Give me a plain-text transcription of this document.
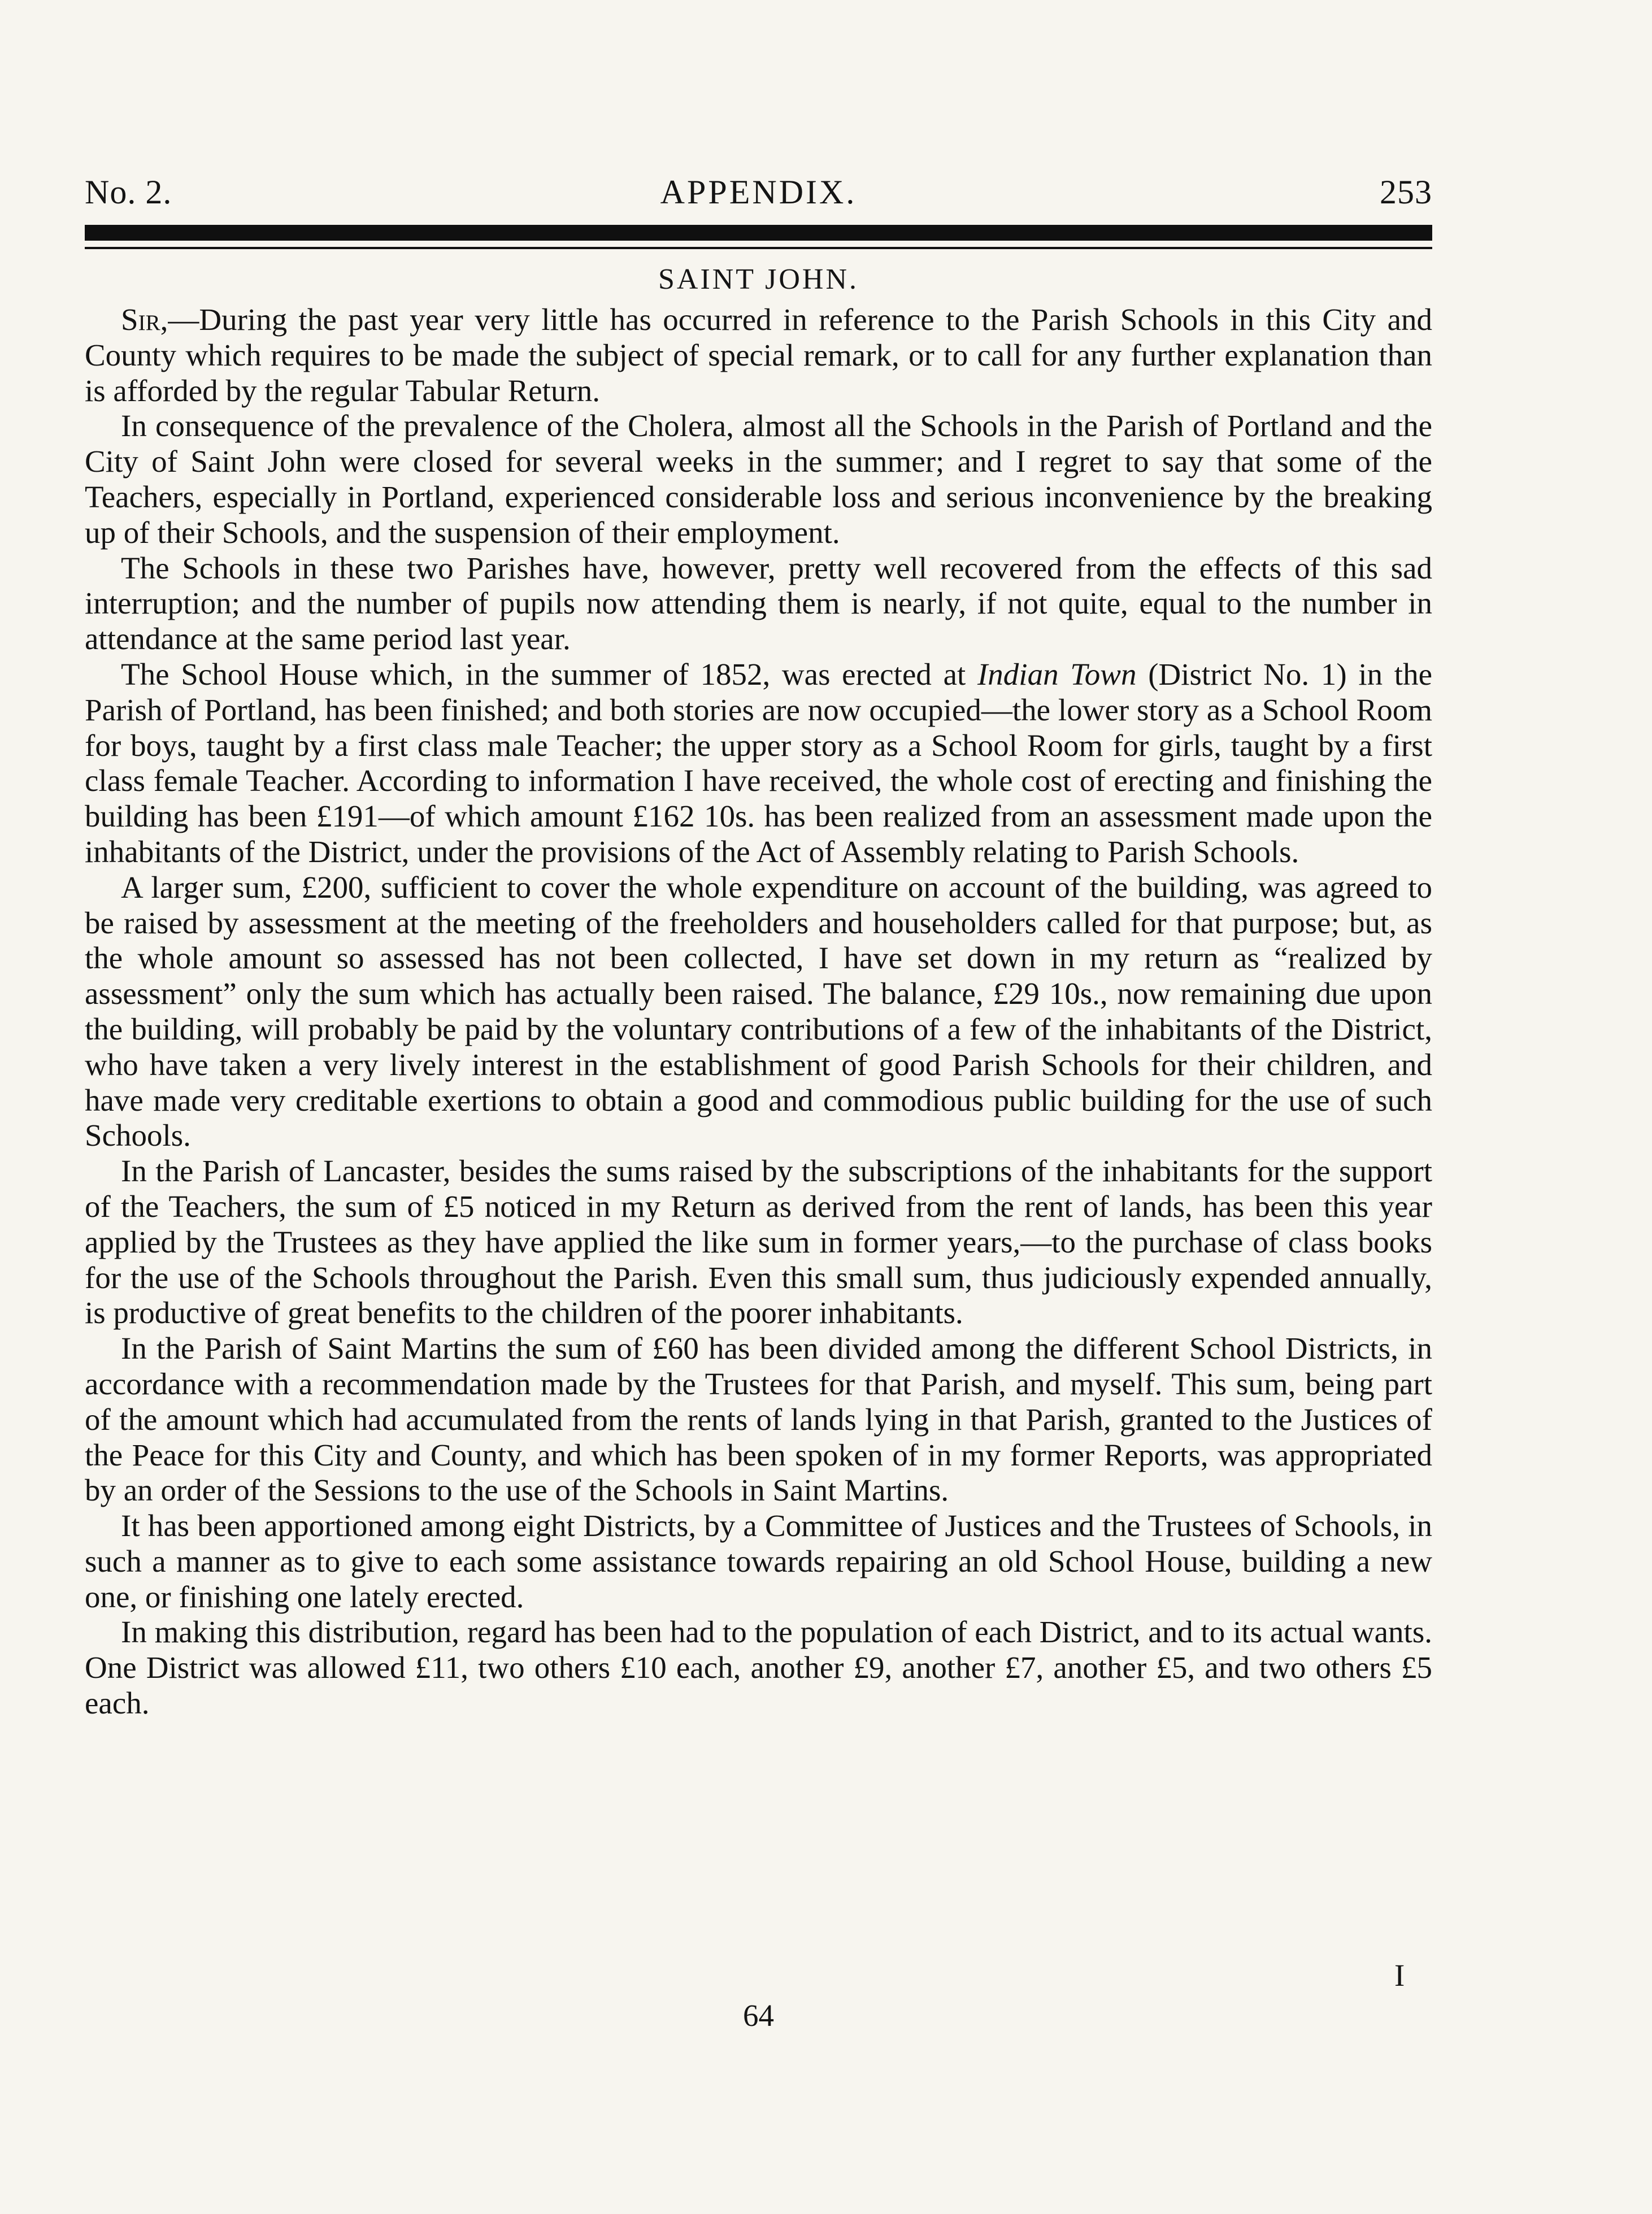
APPENDIX.
No. 2.	253
SAINT JOHN.

Sir,—During the past year very little has occurred in reference to the Parish Schools in this City and County which requires to be made the subject of special remark, or to call for any further explanation than is afforded by the regular Tabular Return.

In consequence of the prevalence of the Cholera, almost all the Schools in the Parish of Portland and the City of Saint John were closed for several weeks in the summer; and I regret to say that some of the Teachers, especially in Portland, experienced considerable loss and serious inconvenience by the breaking up of their Schools, and the suspension of their employment.

The Schools in these two Parishes have, however, pretty well recovered from the effects of this sad interruption; and the number of pupils now attending them is nearly, if not quite, equal to the number in attendance at the same period last year.

The School House which, in the summer of 1852, was erected at Indian Town (District No. 1) in the Parish of Portland, has been finished; and both stories are now occupied—the lower story as a School Room for boys, taught by a first class male Teacher; the upper story as a School Room for girls, taught by a first class female Teacher. According to information I have received, the whole cost of erecting and finishing the building has been £191—of which amount £162 10s. has been realized from an assessment made upon the inhabitants of the District, under the provisions of the Act of Assembly relating to Parish Schools.

A larger sum, £200, sufficient to cover the whole expenditure on account of the building, was agreed to be raised by assessment at the meeting of the freeholders and householders called for that purpose; but, as the whole amount so assessed has not been collected, I have set down in my return as “realized by assessment” only the sum which has actually been raised. The balance, £29 10s., now remaining due upon the building, will probably be paid by the voluntary contributions of a few of the inhabitants of the District, who have taken a very lively interest in the establishment of good Parish Schools for their children, and have made very creditable exertions to obtain a good and commodious public building for the use of such Schools.

In the Parish of Lancaster, besides the sums raised by the subscriptions of the inhabitants for the support of the Teachers, the sum of £5 noticed in my Return as derived from the rent of lands, has been this year applied by the Trustees as they have applied the like sum in former years,—to the purchase of class books for the use of the Schools throughout the Parish. Even this small sum, thus judiciously expended annually, is productive of great benefits to the children of the poorer inhabitants.

In the Parish of Saint Martins the sum of £60 has been divided among the different School Districts, in accordance with a recommendation made by the Trustees for that Parish, and myself. This sum, being part of the amount which had accumulated from the rents of lands lying in that Parish, granted to the Justices of the Peace for this City and County, and which has been spoken of in my former Reports, was appropriated by an order of the Sessions to the use of the Schools in Saint Martins.

It has been apportioned among eight Districts, by a Committee of Justices and the Trustees of Schools, in such a manner as to give to each some assistance towards repairing an old School House, building a new one, or finishing one lately erected.

In making this distribution, regard has been had to the population of each District, and to its actual wants. One District was allowed £11, two others £10 each, another £9, another £7, another £5, and two others £5 each.

I
64
